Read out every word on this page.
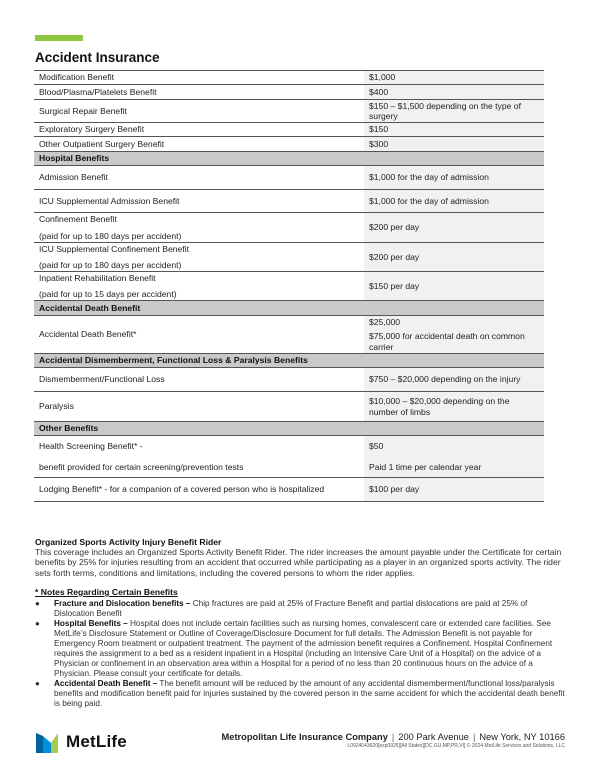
Accident Insurance
Modification Benefit	$1,000
Blood/Plasma/Platelets Benefit	$400
Surgical Repair Benefit	$150 – $1,500 depending on the type of surgery
Exploratory Surgery Benefit	$150
Other Outpatient Surgery Benefit	$300
Hospital Benefits	
Admission Benefit	$1,000 for the day of admission
ICU Supplemental Admission Benefit	$1,000 for the day of admission
Confinement Benefit
(paid for up to 180 days per accident)	$200 per day
ICU Supplemental Confinement Benefit
(paid for up to 180 days per accident)	$200 per day
Inpatient Rehabilitation Benefit
(paid for up to 15 days per accident)	$150 per day
Accidental Death Benefit	
Accidental Death Benefit*	$25,000
$75,000 for accidental death on common carrier

Accidental Dismemberment, Functional Loss & Paralysis Benefits	
Dismemberment/Functional Loss	$750 – $20,000 depending on the injury
Paralysis	$10,000 – $20,000 depending on the number of limbs
Other Benefits	

Health Screening Benefit* -
benefit provided for certain screening/prevention tests	$50
Paid 1 time per calendar year

Lodging Benefit* - for a companion of a covered person who is hospitalized	$100 per day
Organized Sports Activity Injury Benefit Rider
This coverage includes an Organized Sports Activity Benefit Rider. The rider increases the amount payable under the Certificate for certain benefits by 25% for injuries resulting from an accident that occurred while participating as a player in an organized sports activity. The rider sets forth terms, conditions and limitations, including the covered persons to whom the rider applies.
* Notes Regarding Certain Benefits
● Fracture and Dislocation benefits – Chip fractures are paid at 25% of Fracture Benefit and partial dislocations are paid at 25% of Dislocation Benefit
● Hospital Benefits – Hospital does not include certain facilities such as nursing homes, convalescent care or extended care facilities. See MetLife’s Disclosure Statement or Outline of Coverage/Disclosure Document for full details. The Admission Benefit is not payable for Emergency Room treatment or outpatient treatment. The payment of the admission benefit requires a Confinement. Hospital Confinement requires the assignment to a bed as a resident inpatient in a Hospital (including an Intensive Care Unit of a Hospital) on the advice of a Physician or confinement in an observation area within a Hospital for a period of no less than 20 continuous hours on the advice of a Physician. Please consult your certificate for details.
● Accidental Death Benefit – The benefit amount will be reduced by the amount of any accidental dismemberment/functional loss/paralysis benefits and modification benefit paid for injuries sustained by the covered person in the same accident for which the accidental death benefit is being paid.
MetLife	Metropolitan Life Insurance Company | 200 Park Avenue | New York, NY 10166
L0924043620[exp0926][All States][DC,GU,MP,PR,VI] © 2024 MetLife Services and Solutions, LLC
